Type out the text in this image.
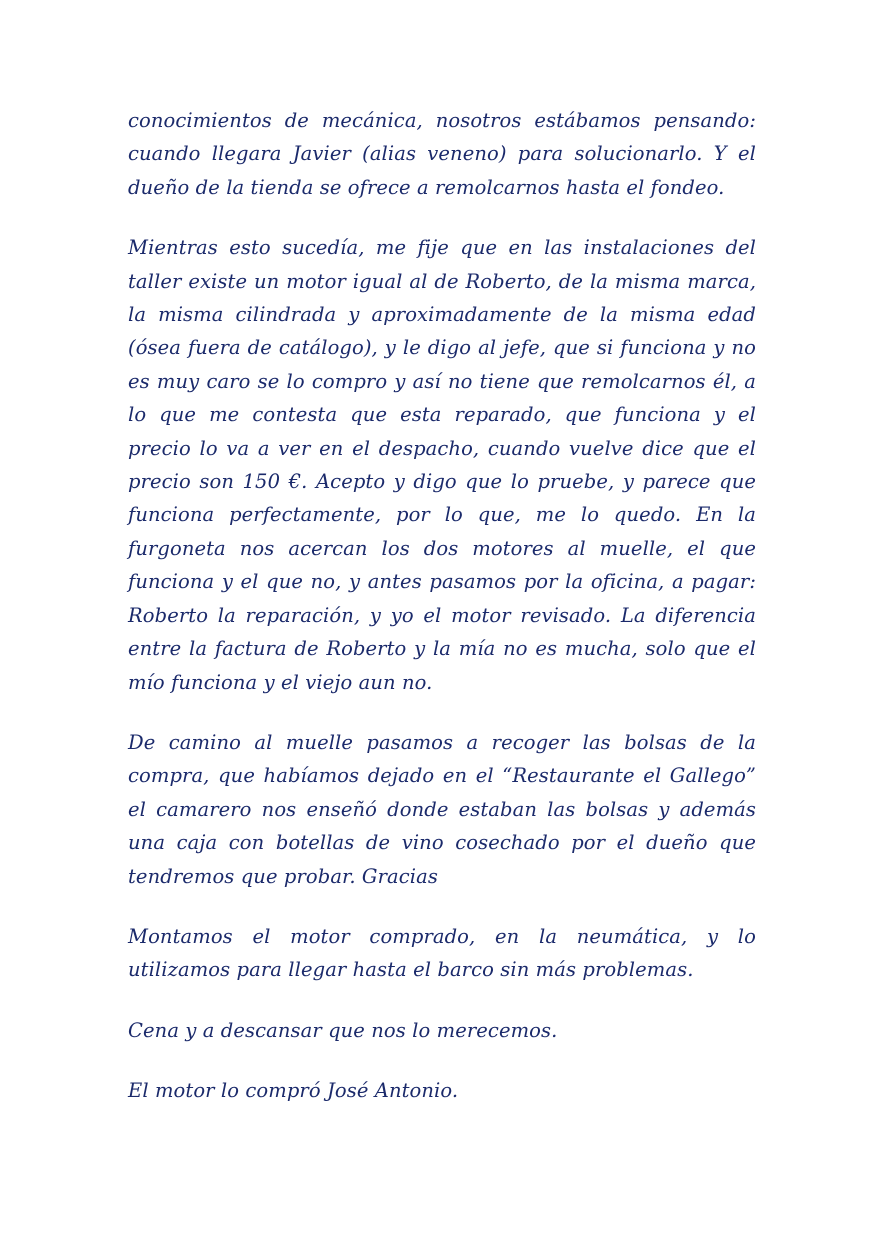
conocimientos de mecánica, nosotros estábamos pensando: cuando llegara Javier (alias veneno) para solucionarlo. Y el dueño de la tienda se ofrece a remolcarnos hasta el fondeo.

Mientras esto sucedía, me fije que en las instalaciones del taller existe un motor igual al de Roberto, de la misma marca, la misma cilindrada y aproximadamente de la misma edad (ósea fuera de catálogo), y le digo al jefe, que si funciona y no es muy caro se lo compro y así no tiene que remolcarnos él, a lo que me contesta que esta reparado, que funciona y el precio lo va a ver en el despacho, cuando vuelve dice que el precio son 150 €. Acepto y digo que lo pruebe, y parece que funciona perfectamente, por lo que, me lo quedo. En la furgoneta nos acercan los dos motores al muelle, el que funciona y el que no, y antes pasamos por la oficina, a pagar: Roberto la reparación, y yo el motor revisado. La diferencia entre la factura de Roberto y la mía no es mucha, solo que el mío funciona y el viejo aun no.

De camino al muelle pasamos a recoger las bolsas de la compra, que habíamos dejado en el “Restaurante el Gallego” el camarero nos enseñó donde estaban las bolsas y además una caja con botellas de vino cosechado por el dueño que tendremos que probar. Gracias

Montamos el motor comprado, en la neumática, y lo utilizamos para llegar hasta el barco sin más problemas.

Cena y a descansar que nos lo merecemos.

El motor lo compró José Antonio.
